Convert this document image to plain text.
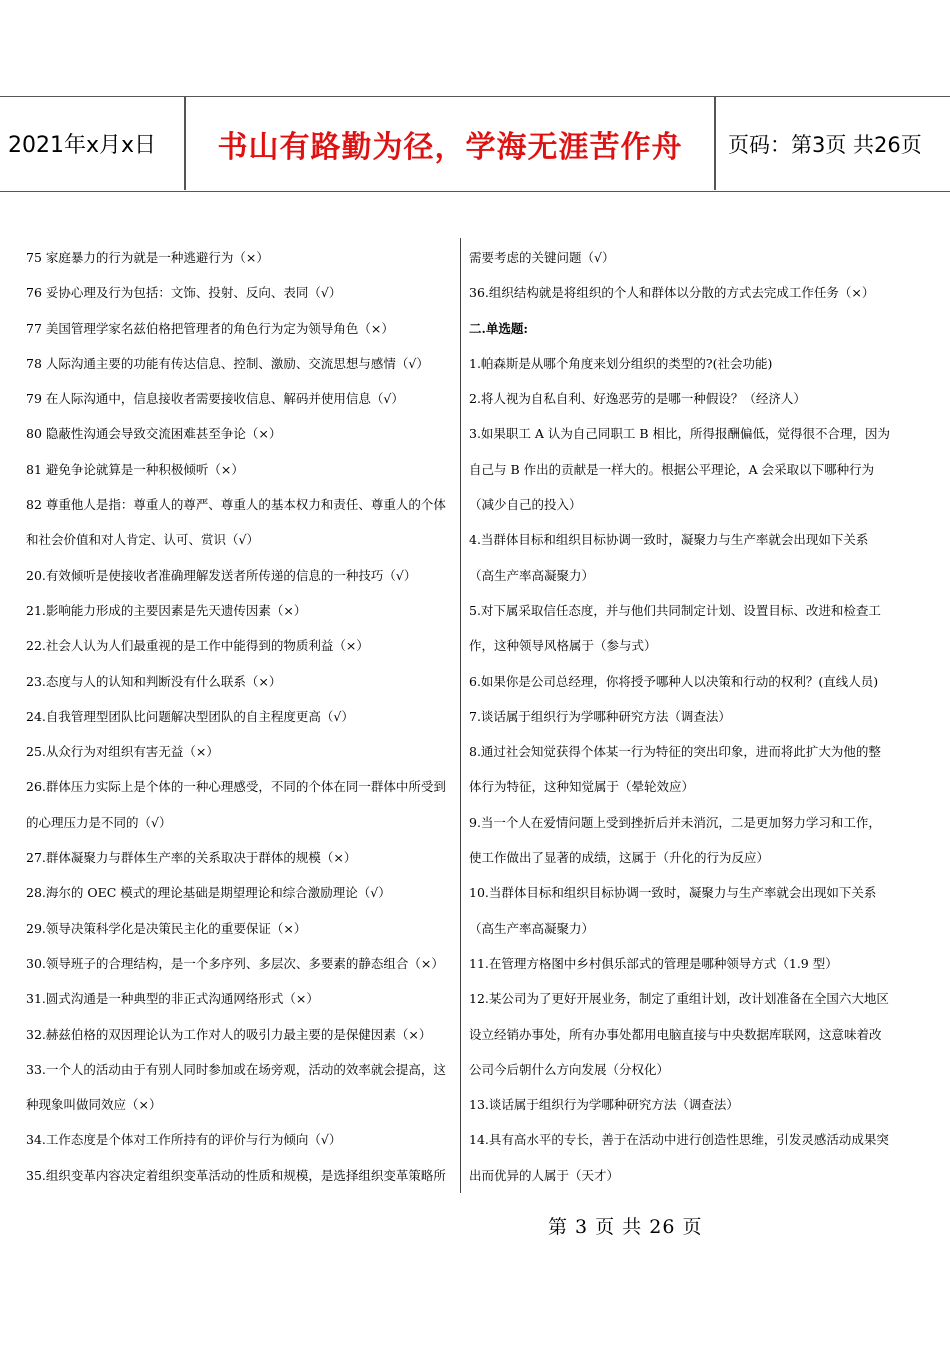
2021年x月x日	书山有路勤为径，学海无涯苦作舟	页码：第3页 共26页
75 家庭暴力的行为就是一种逃避行为（×）
76 妥协心理及行为包括：文饰、投射、反向、表同（√）
77 美国管理学家名兹伯格把管理者的角色行为定为领导角色（×）
78 人际沟通主要的功能有传达信息、控制、激励、交流思想与感情（√）
79 在人际沟通中，信息接收者需要接收信息、解码并使用信息（√）
80 隐蔽性沟通会导致交流困难甚至争论（×）
81 避免争论就算是一种积极倾听（×）
82 尊重他人是指：尊重人的尊严、尊重人的基本权力和责任、尊重人的个体
和社会价值和对人肯定、认可、赏识（√）
20.有效倾听是使接收者准确理解发送者所传递的信息的一种技巧（√）
21.影响能力形成的主要因素是先天遗传因素（×）
22.社会人认为人们最重视的是工作中能得到的物质利益（×）
23.态度与人的认知和判断没有什么联系（×）
24.自我管理型团队比问题解决型团队的自主程度更高（√）
25.从众行为对组织有害无益（×）
26.群体压力实际上是个体的一种心理感受，不同的个体在同一群体中所受到
的心理压力是不同的（√）
27.群体凝聚力与群体生产率的关系取决于群体的规模（×）
28.海尔的 OEC 模式的理论基础是期望理论和综合激励理论（√）
29.领导决策科学化是决策民主化的重要保证（×）
30.领导班子的合理结构，是一个多序列、多层次、多要素的静态组合（×）
31.圆式沟通是一种典型的非正式沟通网络形式（×）
32.赫兹伯格的双因理论认为工作对人的吸引力最主要的是保健因素（×）
33.一个人的活动由于有别人同时参加或在场旁观，活动的效率就会提高，这
种现象叫做同效应（×）
34.工作态度是个体对工作所持有的评价与行为倾向（√）
35.组织变革内容决定着组织变革活动的性质和规模，是选择组织变革策略所
需要考虑的关键问题（√）
36.组织结构就是将组织的个人和群体以分散的方式去完成工作任务（×）
二.单选题:
1.帕森斯是从哪个角度来划分组织的类型的?(社会功能)
2.将人视为自私自利、好逸恶劳的是哪一种假设？（经济人）
3.如果职工 A 认为自己同职工 B 相比，所得报酬偏低，觉得很不合理，因为
自己与 B 作出的贡献是一样大的。根据公平理论，A 会采取以下哪种行为
（减少自己的投入）
4.当群体目标和组织目标协调一致时，凝聚力与生产率就会出现如下关系
（高生产率高凝聚力）
5.对下属采取信任态度，并与他们共同制定计划、设置目标、改进和检查工
作，这种领导风格属于（参与式）
6.如果你是公司总经理，你将授予哪种人以决策和行动的权利？(直线人员)
7.谈话属于组织行为学哪种研究方法（调查法）
8.通过社会知觉获得个体某一行为特征的突出印象，进而将此扩大为他的整
体行为特征，这种知觉属于（晕轮效应）
9.当一个人在爱情问题上受到挫折后并未消沉，二是更加努力学习和工作，
使工作做出了显著的成绩，这属于（升化的行为反应）
10.当群体目标和组织目标协调一致时，凝聚力与生产率就会出现如下关系
（高生产率高凝聚力）
11.在管理方格图中乡村俱乐部式的管理是哪种领导方式（1.9 型）
12.某公司为了更好开展业务，制定了重组计划，改计划准备在全国六大地区
设立经销办事处，所有办事处都用电脑直接与中央数据库联网，这意味着改
公司今后朝什么方向发展（分权化）
13.谈话属于组织行为学哪种研究方法（调查法）
14.具有高水平的专长，善于在活动中进行创造性思维，引发灵感活动成果突
出而优异的人属于（天才）
第 3 页 共 26 页
